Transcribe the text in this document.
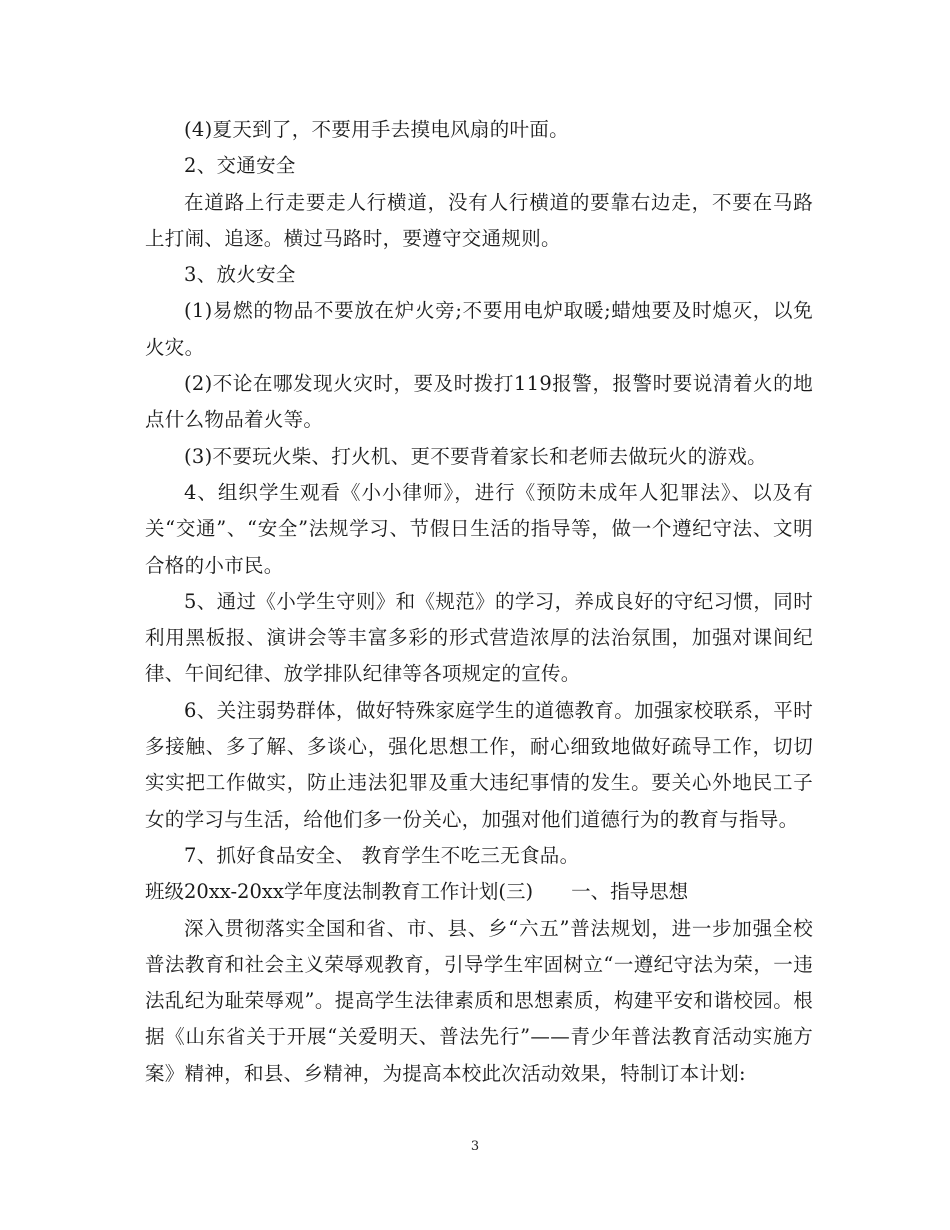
(4)夏天到了，不要用手去摸电风扇的叶面。

2、交通安全

在道路上行走要走人行横道，没有人行横道的要靠右边走，不要在马路上打闹、追逐。横过马路时，要遵守交通规则。

3、放火安全

(1)易燃的物品不要放在炉火旁;不要用电炉取暖;蜡烛要及时熄灭，以免火灾。

(2)不论在哪发现火灾时，要及时拨打119报警，报警时要说清着火的地点什么物品着火等。

(3)不要玩火柴、打火机、更不要背着家长和老师去做玩火的游戏。

4、组织学生观看《小小律师》，进行《预防未成年人犯罪法》、以及有关“交通”、“安全”法规学习、节假日生活的指导等，做一个遵纪守法、文明合格的小市民。

5、通过《小学生守则》和《规范》的学习，养成良好的守纪习惯，同时利用黑板报、演讲会等丰富多彩的形式营造浓厚的法治氛围，加强对课间纪律、午间纪律、放学排队纪律等各项规定的宣传。

6、关注弱势群体，做好特殊家庭学生的道德教育。加强家校联系，平时多接触、多了解、多谈心，强化思想工作，耐心细致地做好疏导工作，切切实实把工作做实，防止违法犯罪及重大违纪事情的发生。要关心外地民工子女的学习与生活，给他们多一份关心，加强对他们道德行为的教育与指导。

7、抓好食品安全、 教育学生不吃三无食品。

班级20xx-20xx学年度法制教育工作计划(三) 一、指导思想

深入贯彻落实全国和省、市、县、乡“六五”普法规划，进一步加强全校普法教育和社会主义荣辱观教育，引导学生牢固树立“一遵纪守法为荣，一违法乱纪为耻荣辱观”。提高学生法律素质和思想素质，构建平安和谐校园。根据《山东省关于开展“关爱明天、普法先行”——青少年普法教育活动实施方案》精神，和县、乡精神，为提高本校此次活动效果，特制订本计划:

3
